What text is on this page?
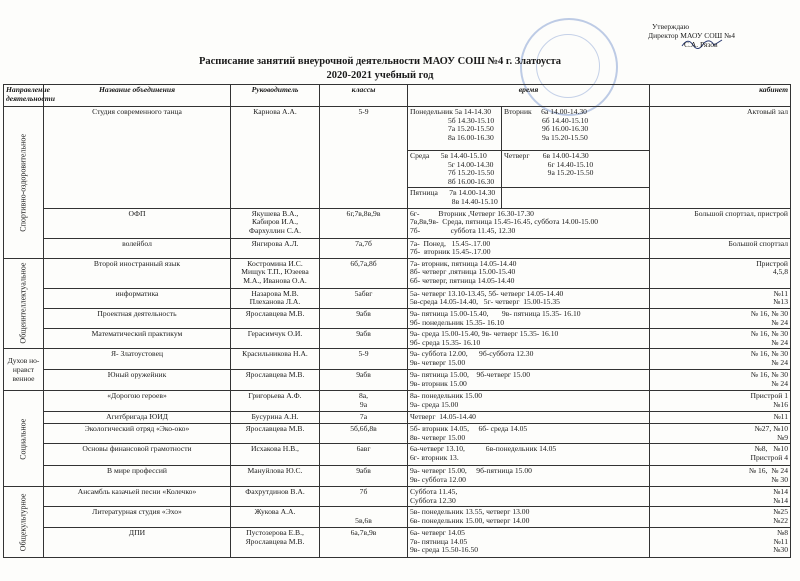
Утверждаю
Директор МАОУ СОШ №4
С.А. Рязов
Расписание занятий внеурочной деятельности МАОУ СОШ №4 г. Златоуста
2020-2021 учебный год
Направление деятельности	Название объединения	Руководитель	классы	время		кабинет
Спортивно-оздоровительное	Студия современного танца	Карнова А.А.	5-9	Понедельник 5а 14-14.30
5б 14.30-15.10
7а 15.20-15.50
8а 16.00-16.30	Вторник     6а 14.00-14.30
6б 14.40-15.10
9б 16.00-16.30
9а 15.20-15.50	Актовый зал
				Среда      5в 14.40-15.10
5г 14.00-14.30
7б 15.20-15.50
8б 16.00-16.30	Четверг       6в 14.00-14.30
6г 14.40-15.10
9а 15.20-15.50	
				Пятница      7в 14.00-14.30
8в 14.40-15.10		
	ОФП	Якушева В.А.,
Кабиров И.А.,
Фархуллин С.А.	6г,7в,8в,9в	6г-          Вторник ,Четверг 16.30-17.30
7в,8в,9в-  Среда, пятница 15.45-16.45, суббота 14.00-15.00
7б-                суббота 11.45, 12.30		Большой спортзал, пристрой
	волейбол	Янгирова А.Л.	7а,7б	7а-  Понед,   15.45-.17.00
7б-  вторник 15.45-.17.00		Большой спортзал
Общеинтеллектуальное	Второй иностранный язык	Костромина И.С.
Мищук Т.П., Юзеева
М.А., Иванова О.А.	6б,7а,8б	7а- вторник, пятница 14.05-14.40
8б- четверг ,пятница 15.00-15.40
6б- четверг, пятница 14.05-14.40		Пристрой
4,5,8
	информатика	Назарова М.В.
Плеханова Л.А.	5абвг	5а- четверг 13.10-13.45, 5б- четверг 14.05-14.40
5в-среда 14.05-14.40,   5г- четверг  15.00-15.35		№11
№13
	Проектная деятельность	Ярославцева М.В.	9абв	9а- пятница 15.00-15.40,       9в- пятница 15.35- 16.10
9б- понедельник 15.35- 16.10		№ 16, № 30
№ 24
	Математический практикум	Герасимчук О.И.	9абв	9а- среда 15.00-15.40, 9в- четверг 15.35- 16.10
9б- среда 15.35- 16.10		№ 16, № 30
№ 24
Духов но-нравст венное	Я- Златоустовец	Красильникова Н.А.	5-9	9а- суббота 12.00,      9б-суббота 12.30
9в- четверг 15.00		№ 16, № 30
№ 24
	Юный оружейник	Ярославцева М.В.	9абв	9а- пятница 15.00,    9б-четверг 15.00
9в- вторник 15.00		№ 16, № 30
№ 24
Социальное	«Дорогою героев»	Григорьева А.Ф.	8а,
9а	8а- понедельник 15.00
9а- среда 15.00		Пристрой 1
№16
	Агитбригада ЮИД	Бусурина А.Н.	7а	Четверг  14.05-14.40		№11
	Экологический отряд «Эко-око»	Ярославцева М.В.	5б,6б,8в	5б- вторник 14.05,     6б- среда 14.05
8в- четверг 15.00		№27, №10
№9
	Основы финансовой грамотности	Исхакова Н.В.,	6авг	6а-четверг 13.10,           6в-понедельник 14.05
6г- вторник 13.		№8,   №10
Пристрой 4
	В мире профессий	Мануйлова Ю.С.	9абв	9а- четверг 15.00,     9б-пятница 15.00
9в- суббота 12.00		№ 16,  № 24
№ 30
Общекультурное	Ансамбль казачьей песни «Колечко»	Фахрутдинов В.А.	7б	Суббота 11.45,
Суббота 12.30		№14
№14
	Литературная студия «Эхо»	Жукова А.А.	
5в,6в	5в- понедельник 13.55, четверг 13.00
6в- понедельник 15.00, четверг 14.00		№25
№22
	ДПИ	Пустозерова Е.В.,
Ярославцева М.В.	6а,7в,9в	6а- четверг 14.05
7в- пятница 14.05
9в- среда 15.50-16.50		№8
№11
№30
